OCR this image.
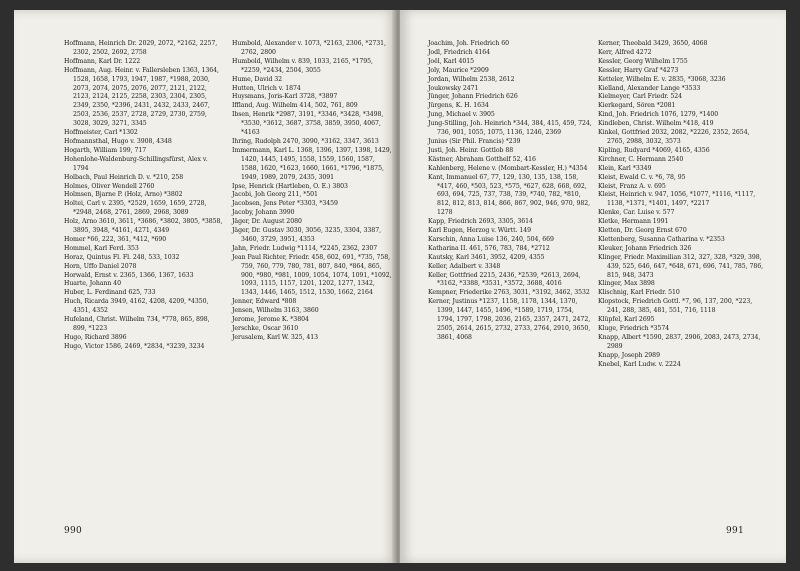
Hoffmann, Heinrich Dr. 2029, 2072, *2162, 2257, 2302, 2502, 2692, 2758
Hoffmann, Karl Dr. 1222
Hoffmann, Aug. Heinr. v. Fallersleben 1363, 1364, 1528, 1658, 1793, 1947, 1987, *1988, 2030, 2073, 2074, 2075, 2076, 2077, 2121, 2122, 2123, 2124, 2125, 2258, 2303, 2304, 2305, 2349, 2350, *2396, 2431, 2432, 2433, 2467, 2503, 2536, 2537, 2728, 2729, 2730, 2759, 3028, 3029, 3271, 3345
Hoffmeister, Carl *1302
Hofmannsthal, Hugo v. 3908, 4348
Hogarth, William 199, 717
Hohenlohe-Waldenburg-Schillingsfürst, Alex v. 1794
Holbach, Paul Heinrich D. v. *210, 258
Holmes, Oliver Wendell 2760
Holmsen, Bjarne P. (Holz, Arno) *3802
Holtei, Carl v. 2395, *2529, 1659, 1659, 2728, *2948, 2468, 2761, 2869, 2968, 3089
Holz, Arno 3610, 3611, *3686, *3802, 3805, *3858, 3895, 3948, *4161, 4271, 4349
Homer *66, 222, 361, *412, *690
Hommel, Karl Ferd. 353
Horaz, Quintus Fl. Fl. 248, 533, 1032
Horn, Uffo Daniel 2078
Horwald, Ernst v. 2365, 1366, 1367, 1633
Huarte, Johann 40
Huber, L. Ferdinand 625, 733
Huch, Ricarda 3949, 4162, 4208, 4209, *4350, 4351, 4352
Hufeland, Christ. Wilhelm 734, *778, 865, 898, 899, *1223
Hugo, Richard 3896
Hugo, Victor 1586, 2469, *2834, *3239, 3234
Humbold, Alexander v. 1073, *2163, 2306, *2731, 2762, 2800
Humbold, Wilhelm v. 839, 1033, 2165, *1795, *2259, *2434, 2504, 3055
Hume, David 32
Hutten, Ulrich v. 1874
Huysmans, Joris-Karl 3728, *3897
Iffland, Aug. Wilhelm 414, 502, 761, 809
Ibsen, Henrik *2987, 3191, *3346, *3428, *3498, *3530, *3612, 3687, 3758, 3859, 3950, 4067, *4163
Ihring, Rudolph 2470, 3090, *3162, 3347, 3613
Immermann, Karl L. 1368, 1396, 1397, 1398, 1429, 1420, 1445, 1495, 1558, 1559, 1560, 1587, 1588, 1620, *1623, 1660, 1661, *1796, *1875, 1949, 1989, 2079, 2435, 3091
Ipse, Henrick (Hartleben, O. E.) 3803
Jacobi, Joh Georg 211, *501
Jacobsen, Jens Peter *3303, *3459
Jacoby, Johann 3990
Jäger, Dr. August 2080
Jäger, Dr. Gustav 3030, 3056, 3235, 3304, 3387, 3460, 3729, 3951, 4353
Jahn, Friedr. Ludwig *1114, *2245, 2362, 2307
Jean Paul Richter, Friedr. 458, 602, 691, *735, 758, 759, 760, 779, 780, 781, 807, 840, *864, 865, 900, *980, *981, 1009, 1054, 1074, 1091, *1092, 1093, 1115, 1157, 1201, 1202, 1277, 1342, 1343, 1446, 1465, 1512, 1530, 1662, 2164
Jenner, Edward *808
Jensen, Wilhelm 3163, 3860
Jerome, Jerome K. *3804
Jerschke, Oscar 3610
Jerusalem, Karl W. 325, 413
990
Joachim, Joh. Friedrich 60
Jodl, Friedrich 4164
Joël, Karl 4015
Joly, Maurice *2909
Jordan, Wilhelm 2538, 2612
Joukowsky 2471
Jünger, Johann Friedrich 626
Jürgens, K. H. 1634
Jung, Michael v. 3905
Jung-Stilling, Joh. Heinrich *344, 384, 415, 459, 724, 736, 901, 1055, 1075, 1136, 1246, 2369
Junius (Sir Phil. Francis) *239
Justi, Joh. Heinr. Gottlob 88
Kästner, Abraham Gotthelf 52, 416
Kahlenberg, Helene v. (Mombart-Kessler, H.) *4354
Kant, Immanuel 67, 77, 129, 130, 135, 138, 158, *417, 460, *503, 523, *575, *627, 628, 668, 692, 693, 694, 725, 737, 738, 739, *740, 782, *810, 812, 812, 813, 814, 866, 867, 902, 946, 970, 982, 1278
Kapp, Friedrich 2693, 3305, 3614
Karl Eugen, Herzog v. Württ. 149
Karschin, Anna Luise 136, 240, 504, 669
Katharina II. 461, 576, 783, 784, *2712
Kautsky, Karl 3461, 3952, 4209, 4355
Keller, Adalbert v. 3348
Keller, Gottfried 2215, 2436, *2539, *2613, 2694, *3162, *3388, *3531, *3572, 3688, 4016
Kempner, Friederike 2763, 3031, *3192, 3462, 3532
Kerner, Justinus *1237, 1158, 1178, 1344, 1370, 1399, 1447, 1455, 1496, *1589, 1719, 1754, 1794, 1797, 1798, 2036, 2165, 2357, 2471, 2472, 2505, 2614, 2615, 2732, 2733, 2764, 2910, 3650, 3861, 4068
Kerner, Theobald 3429, 3650, 4068
Kerr, Alfred 4272
Kessler, Georg Wilhelm 1755
Kessler, Harry Graf *4273
Ketteler, Wilhelm E. v. 2835, *3068, 3236
Kielland, Alexander Lange *3533
Kielmeyer, Carl Friedr. 524
Kierkegard, Sören *2081
Kind, Joh. Friedrich 1076, 1279, *1400
Kindleben, Christ. Wilhelm *418, 419
Kinkel, Gottfried 2032, 2082, *2226, 2352, 2654, 2765, 2988, 3032, 3573
Kipling, Rudyard *4069, 4165, 4356
Kirchner, C. Hermann 2540
Klein, Karl *3349
Kleist, Ewald C. v. *6, 78, 95
Kleist, Franz A. v. 695
Kleist, Heinrich v. 947, 1056, *1077, *1116, *1117, 1138, *1371, *1401, 1497, *2217
Klenke, Car. Luise v. 577
Kletke, Hermann 1991
Kletten, Dr. Georg Ernst 670
Klettenberg, Susanna Catharina v. *2353
Kleuker, Johann Friedrich 326
Klinger, Friedr. Maximilian 312, 327, 328, *329, 398, 439, 525, 646, 647, *648, 671, 696, 741, 785, 786, 815, 948, 3473
Klinger, Max 3898
Klischnig, Karl Friedr. 510
Klopstock, Friedrich Gottl. *7, 96, 137, 200, *223, 241, 288, 385, 481, 551, 716, 1118
Klüpfel, Karl 2695
Kluge, Friedrich *3574
Knapp, Albert *1590, 2837, 2906, 2083, 2473, 2734, 2989
Knapp, Joseph 2989
Knebel, Karl Ludw. v. 2224
991
